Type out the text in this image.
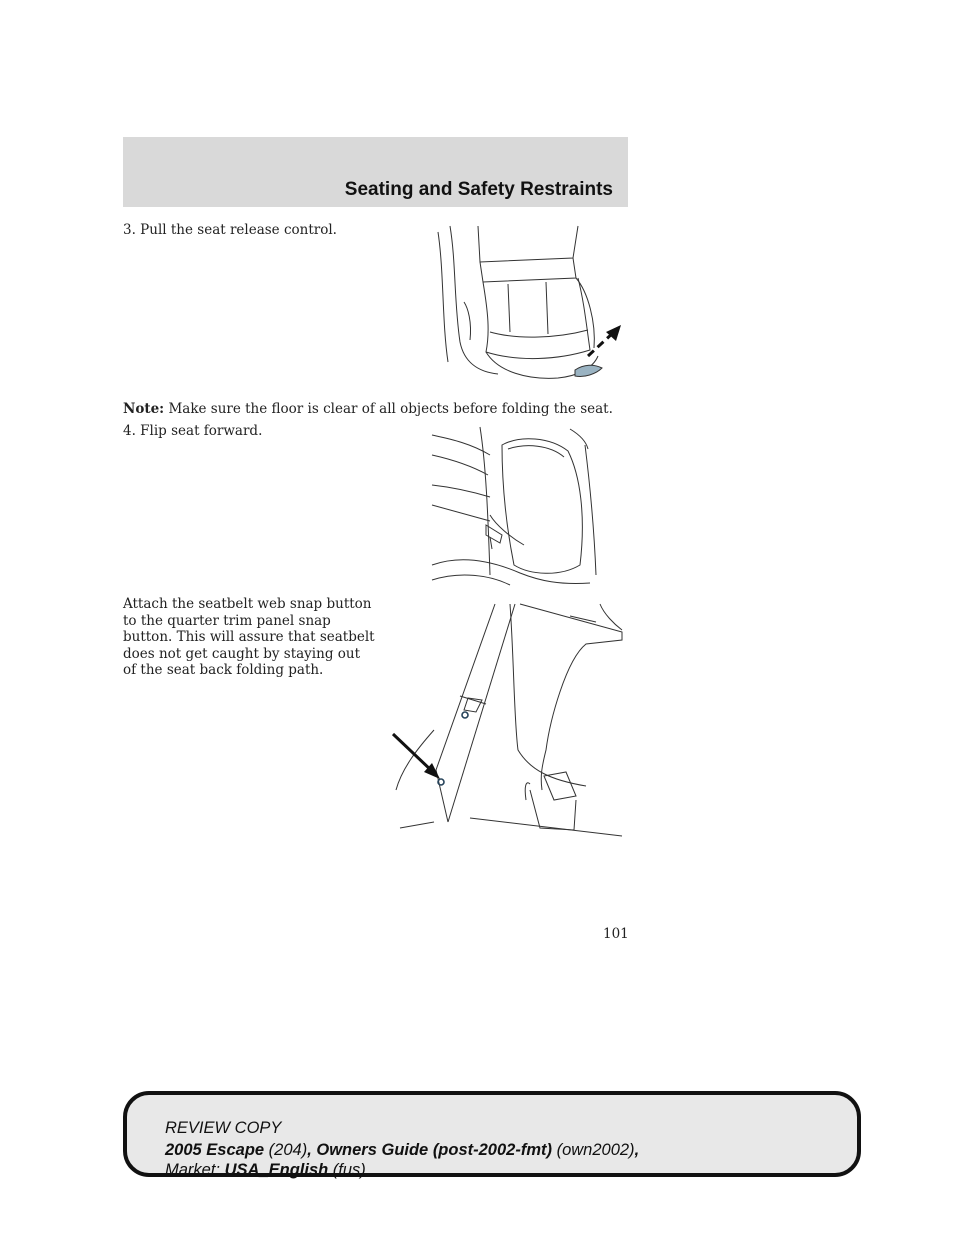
Seating and Safety Restraints
3. Pull the seat release control.
Note: Make sure the floor is clear of all objects before folding the seat.
4. Flip seat forward.
Attach the seatbelt web snap button
to the quarter trim panel snap
button. This will assure that seatbelt
does not get caught by staying out
of the seat back folding path.
101
REVIEW COPY
2005 Escape (204), Owners Guide (post-2002-fmt) (own2002),
Market: USA_English (fus)
